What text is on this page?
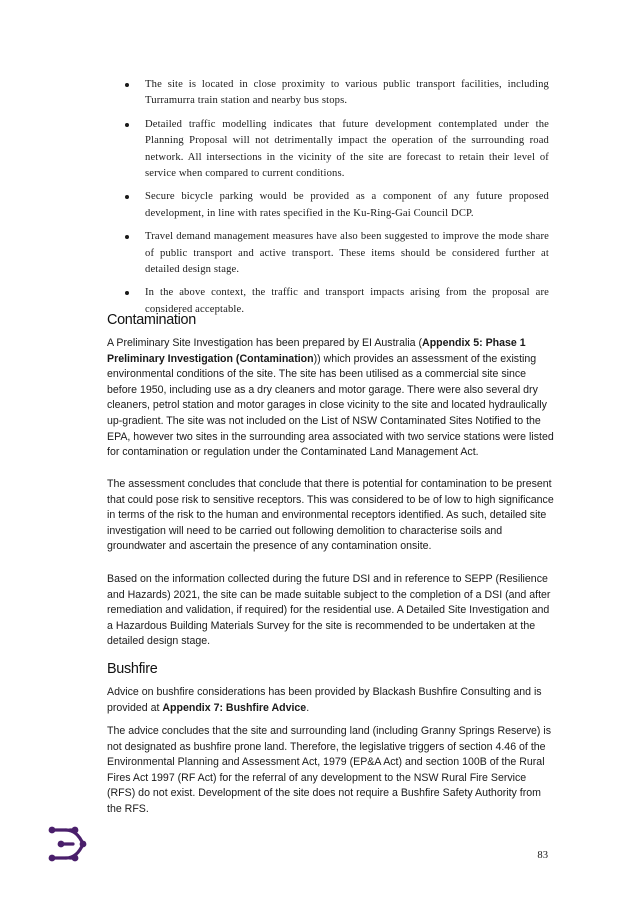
The site is located in close proximity to various public transport facilities, including Turramurra train station and nearby bus stops.
Detailed traffic modelling indicates that future development contemplated under the Planning Proposal will not detrimentally impact the operation of the surrounding road network. All intersections in the vicinity of the site are forecast to retain their level of service when compared to current conditions.
Secure bicycle parking would be provided as a component of any future proposed development, in line with rates specified in the Ku-Ring-Gai Council DCP.
Travel demand management measures have also been suggested to improve the mode share of public transport and active transport. These items should be considered further at detailed design stage.
In the above context, the traffic and transport impacts arising from the proposal are considered acceptable.
Contamination

A Preliminary Site Investigation has been prepared by EI Australia (Appendix 5: Phase 1 Preliminary Investigation (Contamination)) which provides an assessment of the existing environmental conditions of the site. The site has been utilised as a commercial site since before 1950, including use as a dry cleaners and motor garage. There were also several dry cleaners, petrol station and motor garages in close vicinity to the site and located hydraulically up-gradient. The site was not included on the List of NSW Contaminated Sites Notified to the EPA, however two sites in the surrounding area associated with two service stations were listed for contamination or regulation under the Contaminated Land Management Act.

The assessment concludes that conclude that there is potential for contamination to be present that could pose risk to sensitive receptors. This was considered to be of low to high significance in terms of the risk to the human and environmental receptors identified. As such, detailed site investigation will need to be carried out following demolition to characterise soils and groundwater and ascertain the presence of any contamination onsite.

Based on the information collected during the future DSI and in reference to SEPP (Resilience and Hazards) 2021, the site can be made suitable subject to the completion of a DSI (and after remediation and validation, if required) for the residential use. A Detailed Site Investigation and a Hazardous Building Materials Survey for the site is recommended to be undertaken at the detailed design stage.

Bushfire

Advice on bushfire considerations has been provided by Blackash Bushfire Consulting and is provided at Appendix 7: Bushfire Advice.

The advice concludes that the site and surrounding land (including Granny Springs Reserve) is not designated as bushfire prone land. Therefore, the legislative triggers of section 4.46 of the Environmental Planning and Assessment Act, 1979 (EP&A Act) and section 100B of the Rural Fires Act 1997 (RF Act) for the referral of any development to the NSW Rural Fire Service (RFS) do not exist. Development of the site does not require a Bushfire Safety Authority from the RFS.

83
